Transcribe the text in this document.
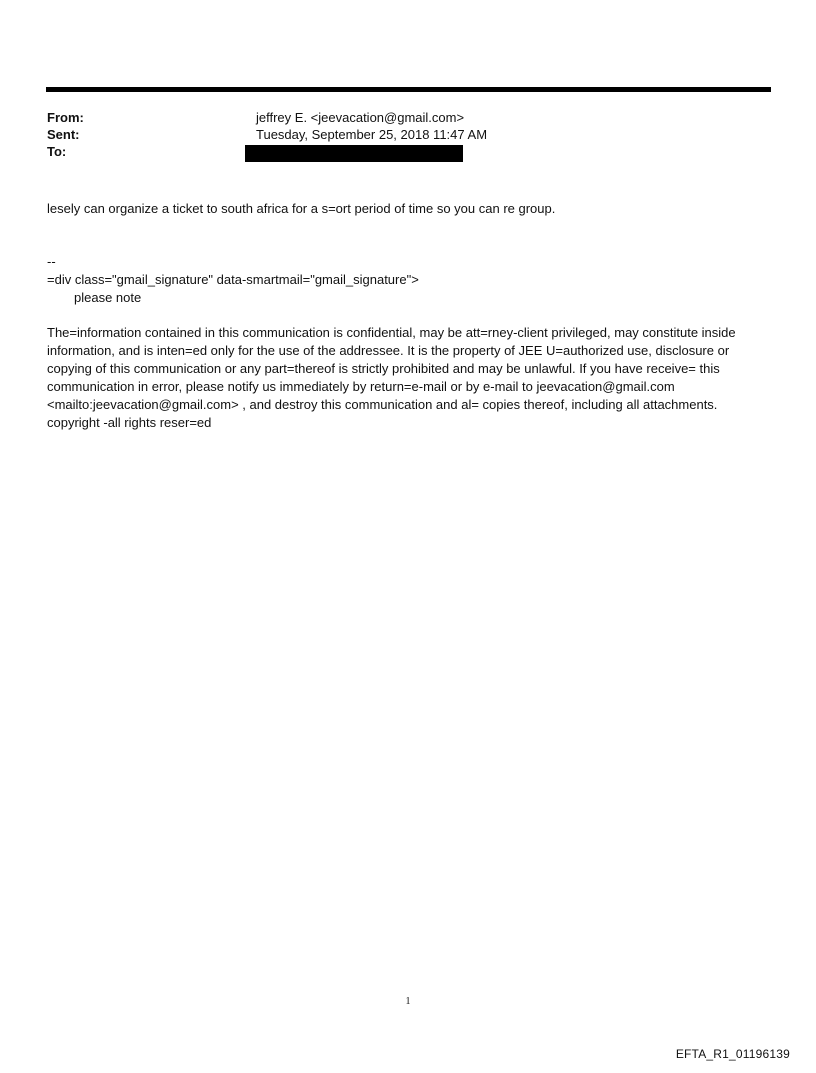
From:	jeffrey E. <jeevacation@gmail.com>
Sent:	Tuesday, September 25, 2018 11:47 AM
To:
lesely can organize a ticket to south africa for a s=ort period of time so you can re group.
--
=div class="gmail_signature" data-smartmail="gmail_signature">
please note
The=information contained in this communication is confidential, may be att=rney-client privileged, may constitute inside information, and is inten=ed only for the use of the addressee. It is the property of JEE U=authorized use, disclosure or copying of this communication or any part=thereof is strictly prohibited and may be unlawful. If you have receive= this communication in error, please notify us immediately by return=e-mail or by e-mail to jeevacation@gmail.com <mailto:jeevacation@gmail.com> , and destroy this communication and al= copies thereof, including all attachments. copyright -all rights reser=ed
1
EFTA_R1_01196139
